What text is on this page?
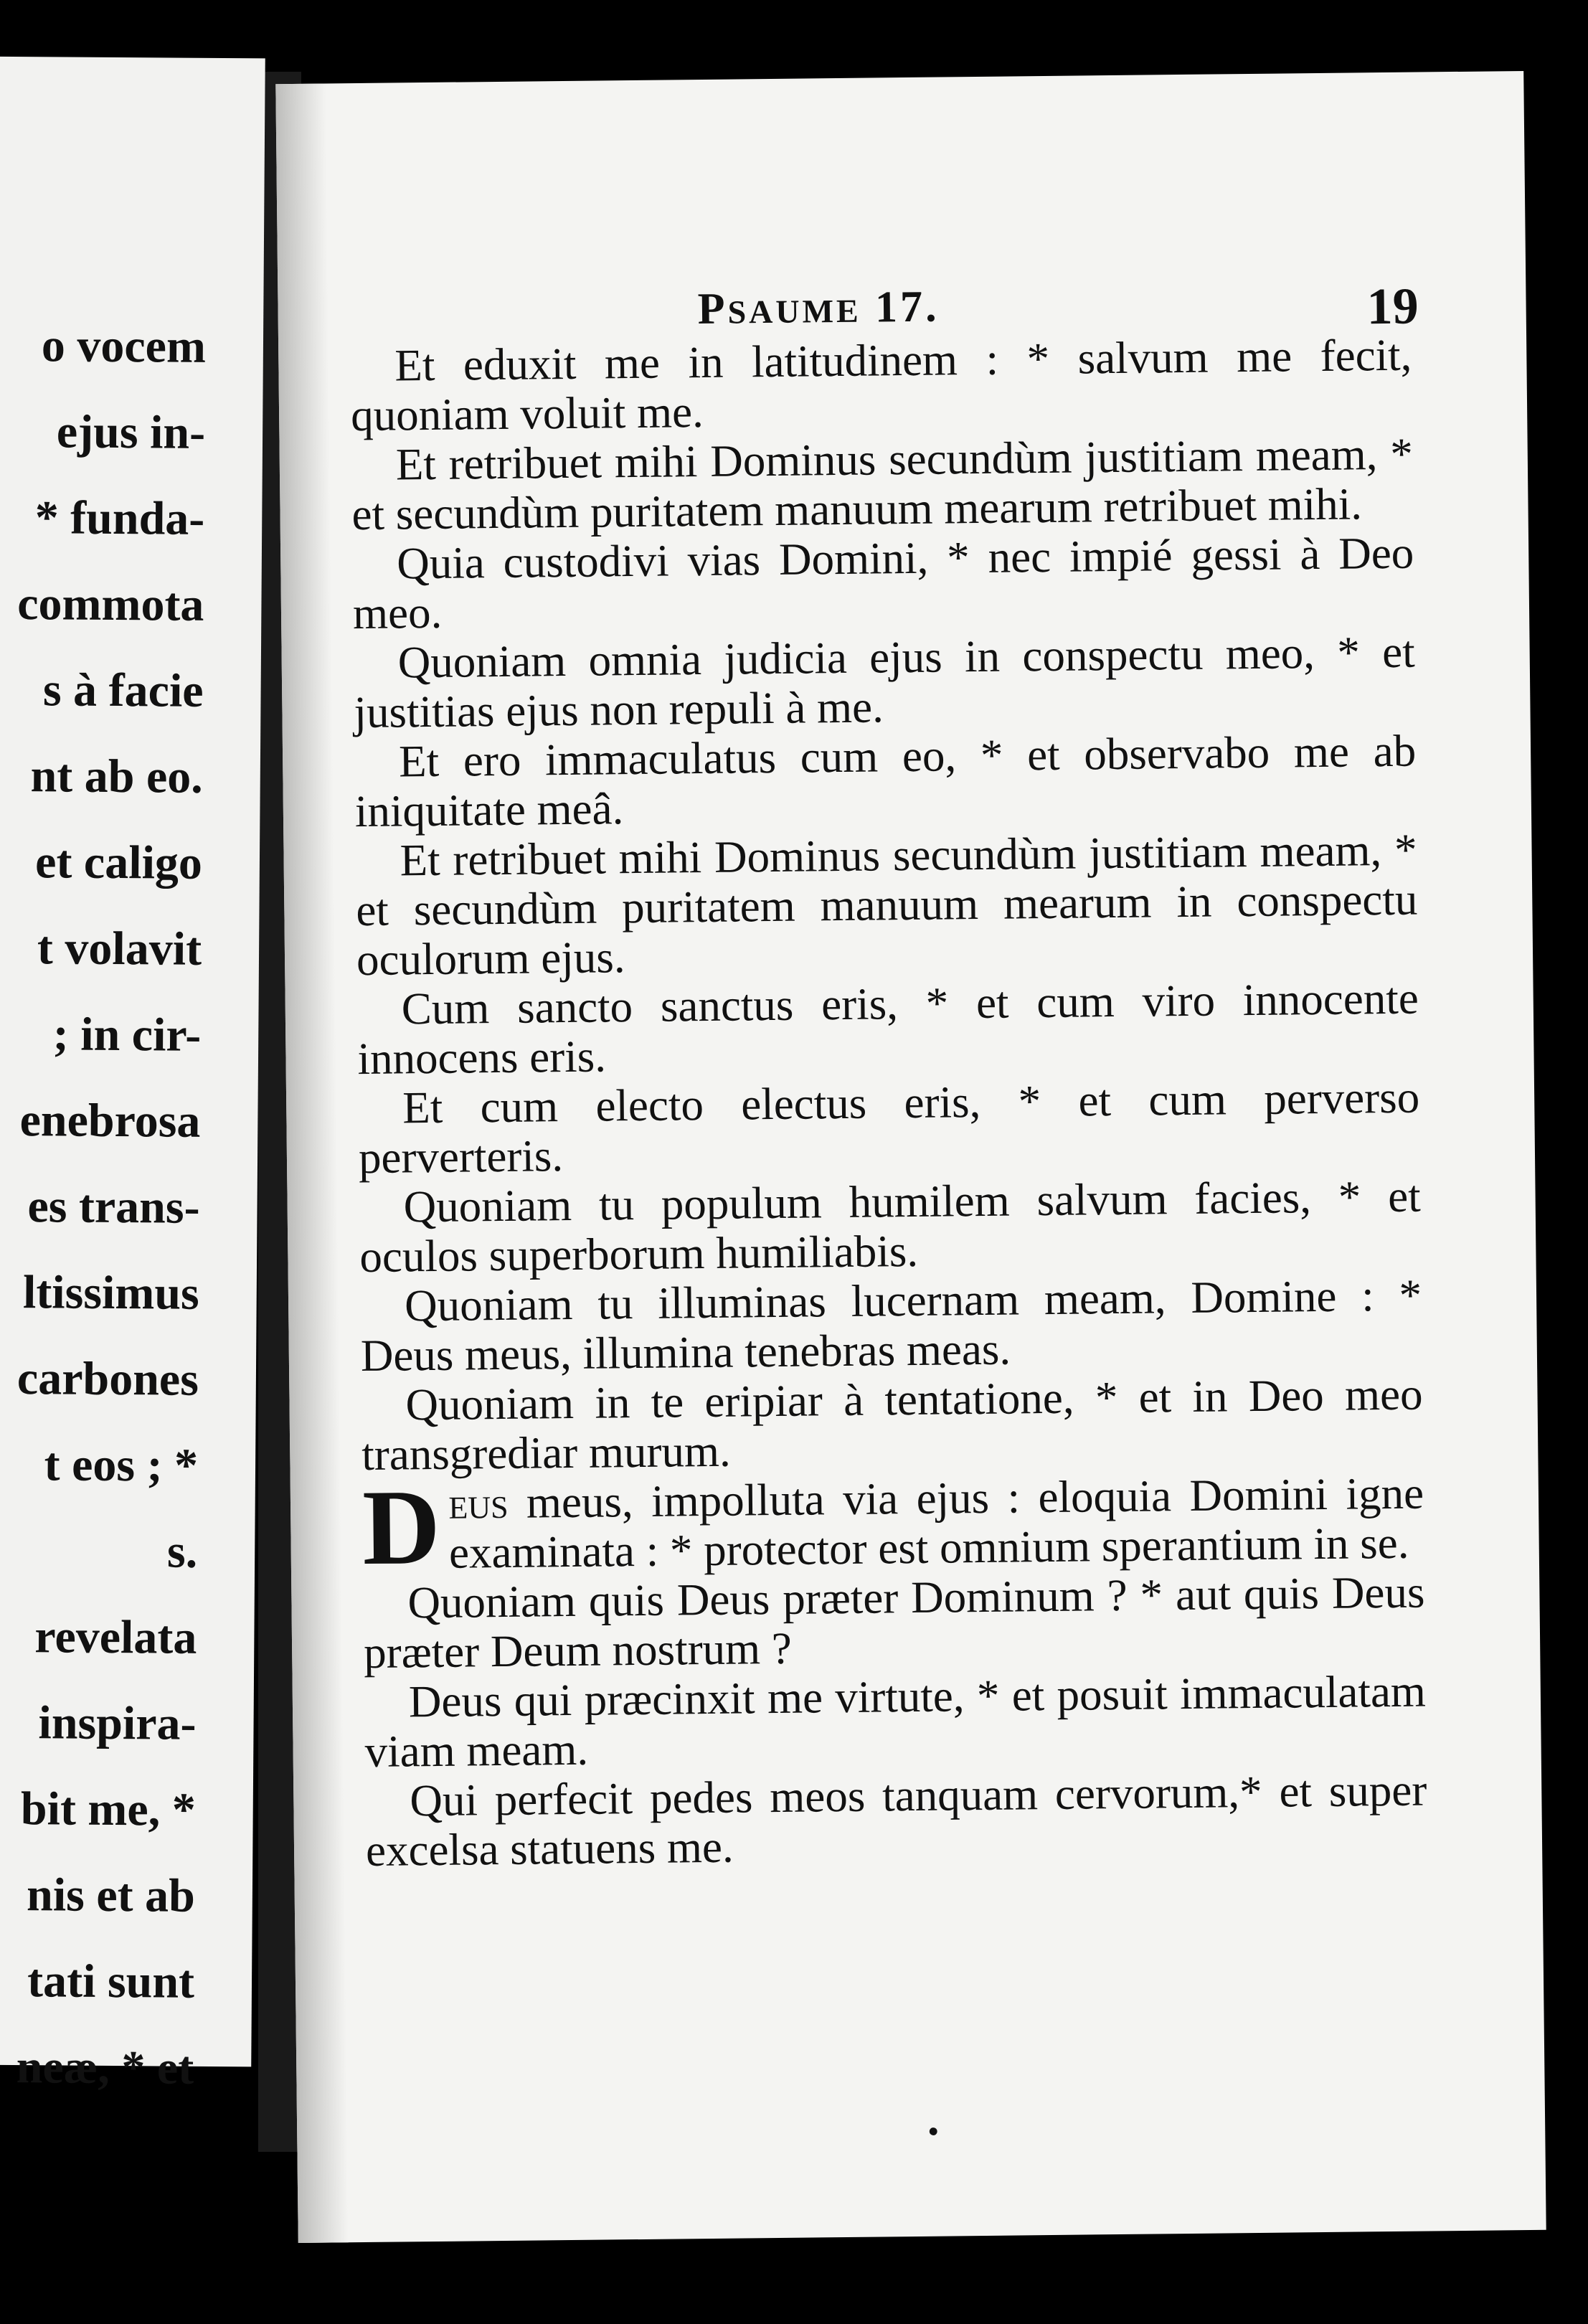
o vocem
ejus in-
* funda-
commota
s à facie
nt ab eo.
et caligo
t volavit
; in cir-
enebrosa
es trans-
ltissimus
carbones
t eos ; *
s.
revelata
inspira-
bit me, *
nis et ab
tati sunt
neæ, * et
PSAUME 17.	19

Et eduxit me in latitudinem : * salvum me fecit, quoniam voluit me.

Et retribuet mihi Dominus secundùm justitiam meam, * et secundùm puritatem manuum mearum retribuet mihi.

Quia custodivi vias Domini, * nec impié gessi à Deo meo.

Quoniam omnia judicia ejus in conspectu meo, * et justitias ejus non repuli à me.

Et ero immaculatus cum eo, * et observabo me ab iniquitate meâ.

Et retribuet mihi Dominus secundùm justitiam meam, * et secundùm puritatem manuum mearum in conspectu oculorum ejus.

Cum sancto sanctus eris, * et cum viro innocente innocens eris.

Et cum electo electus eris, * et cum perverso perverteris.

Quoniam tu populum humilem salvum facies, * et oculos superborum humiliabis.

Quoniam tu illuminas lucernam meam, Domine : * Deus meus, illumina tenebras meas.

Quoniam in te eripiar à tentatione, * et in Deo meo transgrediar murum.

Deus meus, impolluta via ejus : eloquia Domini igne examinata : * protector est omnium sperantium in se.

Quoniam quis Deus præter Dominum ? * aut quis Deus præter Deum nostrum ?

Deus qui præcinxit me virtute, * et posuit immaculatam viam meam.

Qui perfecit pedes meos tanquam cervorum,* et super excelsa statuens me.

•
